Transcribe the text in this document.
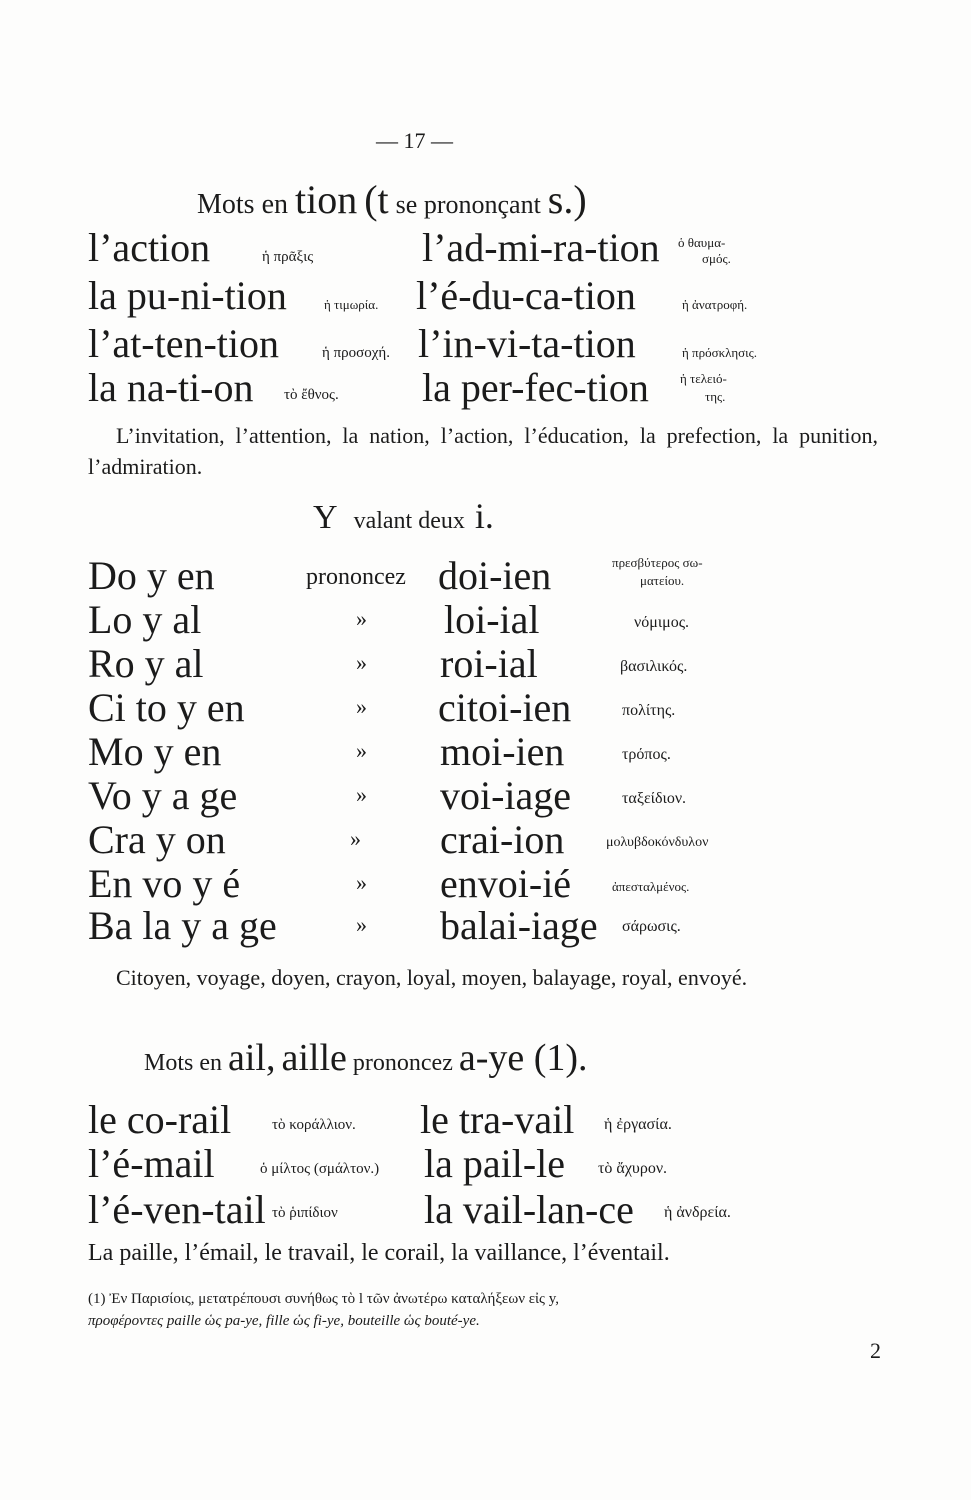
— 17 —
Mots en tion (t se prononçant s.)
l’action	ἡ πρᾶξις	l’ad-mi-ra-tion ὁ θαυμα-
σμός.
la pu-ni-tion	ἡ τιμωρία. l’é-du-ca-tion	ἡ ἀνατροφή.
l’at-ten-tion	ἡ προσοχή. l’in-vi-ta-tion	ἡ πρόσκλησις.
la na-ti-on τὸ ἔθνος. la per-fec-tion ἡ τελειό-
της.
L’invitation, l’attention, la nation, l’action, l’éducation, la prefection, la punition, l’admiration.
Y valant deux i.
Do y en	prononcez doi-ien	πρεσβύτερος σω-
ματείου.
Lo y al	» loi-ial	νόμιμος.
Ro y al	» roi-ial	βασιλικός.
Ci to y en	» citoi-ien	πολίτης.
Mo y en	» moi-ien	τρόπος.
Vo y a ge	» voi-iage	ταξείδιον.
Cra y on	» crai-ion	μολυβδοκόνδυλον
En vo y é	» envoi-ié	ἀπεσταλμένος.
Ba la y a ge	» balai-iage σάρωσις.
Citoyen, voyage, doyen, crayon, loyal, moyen, balayage, royal, envoyé.
Mots en ail, aille prononcez a-ye (1).
le co-rail	τὸ κοράλλιον. le tra-vail ἡ ἐργασία.
l’é-mail	ὁ μίλτος (σμάλτον.) la pail-le τὸ ἄχυρον.
l’é-ven-tail τὸ ῥιπίδιον la vail-lan-ce ἡ ἀνδρεία.
La paille, l’émail, le travail, le corail, la vaillance, l’éventail.
(1) Ἐν Παρισίοις, μετατρέπουσι συνήθως τὸ l τῶν ἀνωτέρω καταλήξεων εἰς y,
προφέροντες paille ὡς pa-ye, fille ὡς fi-ye, bouteille ὡς bouté-ye.
2
